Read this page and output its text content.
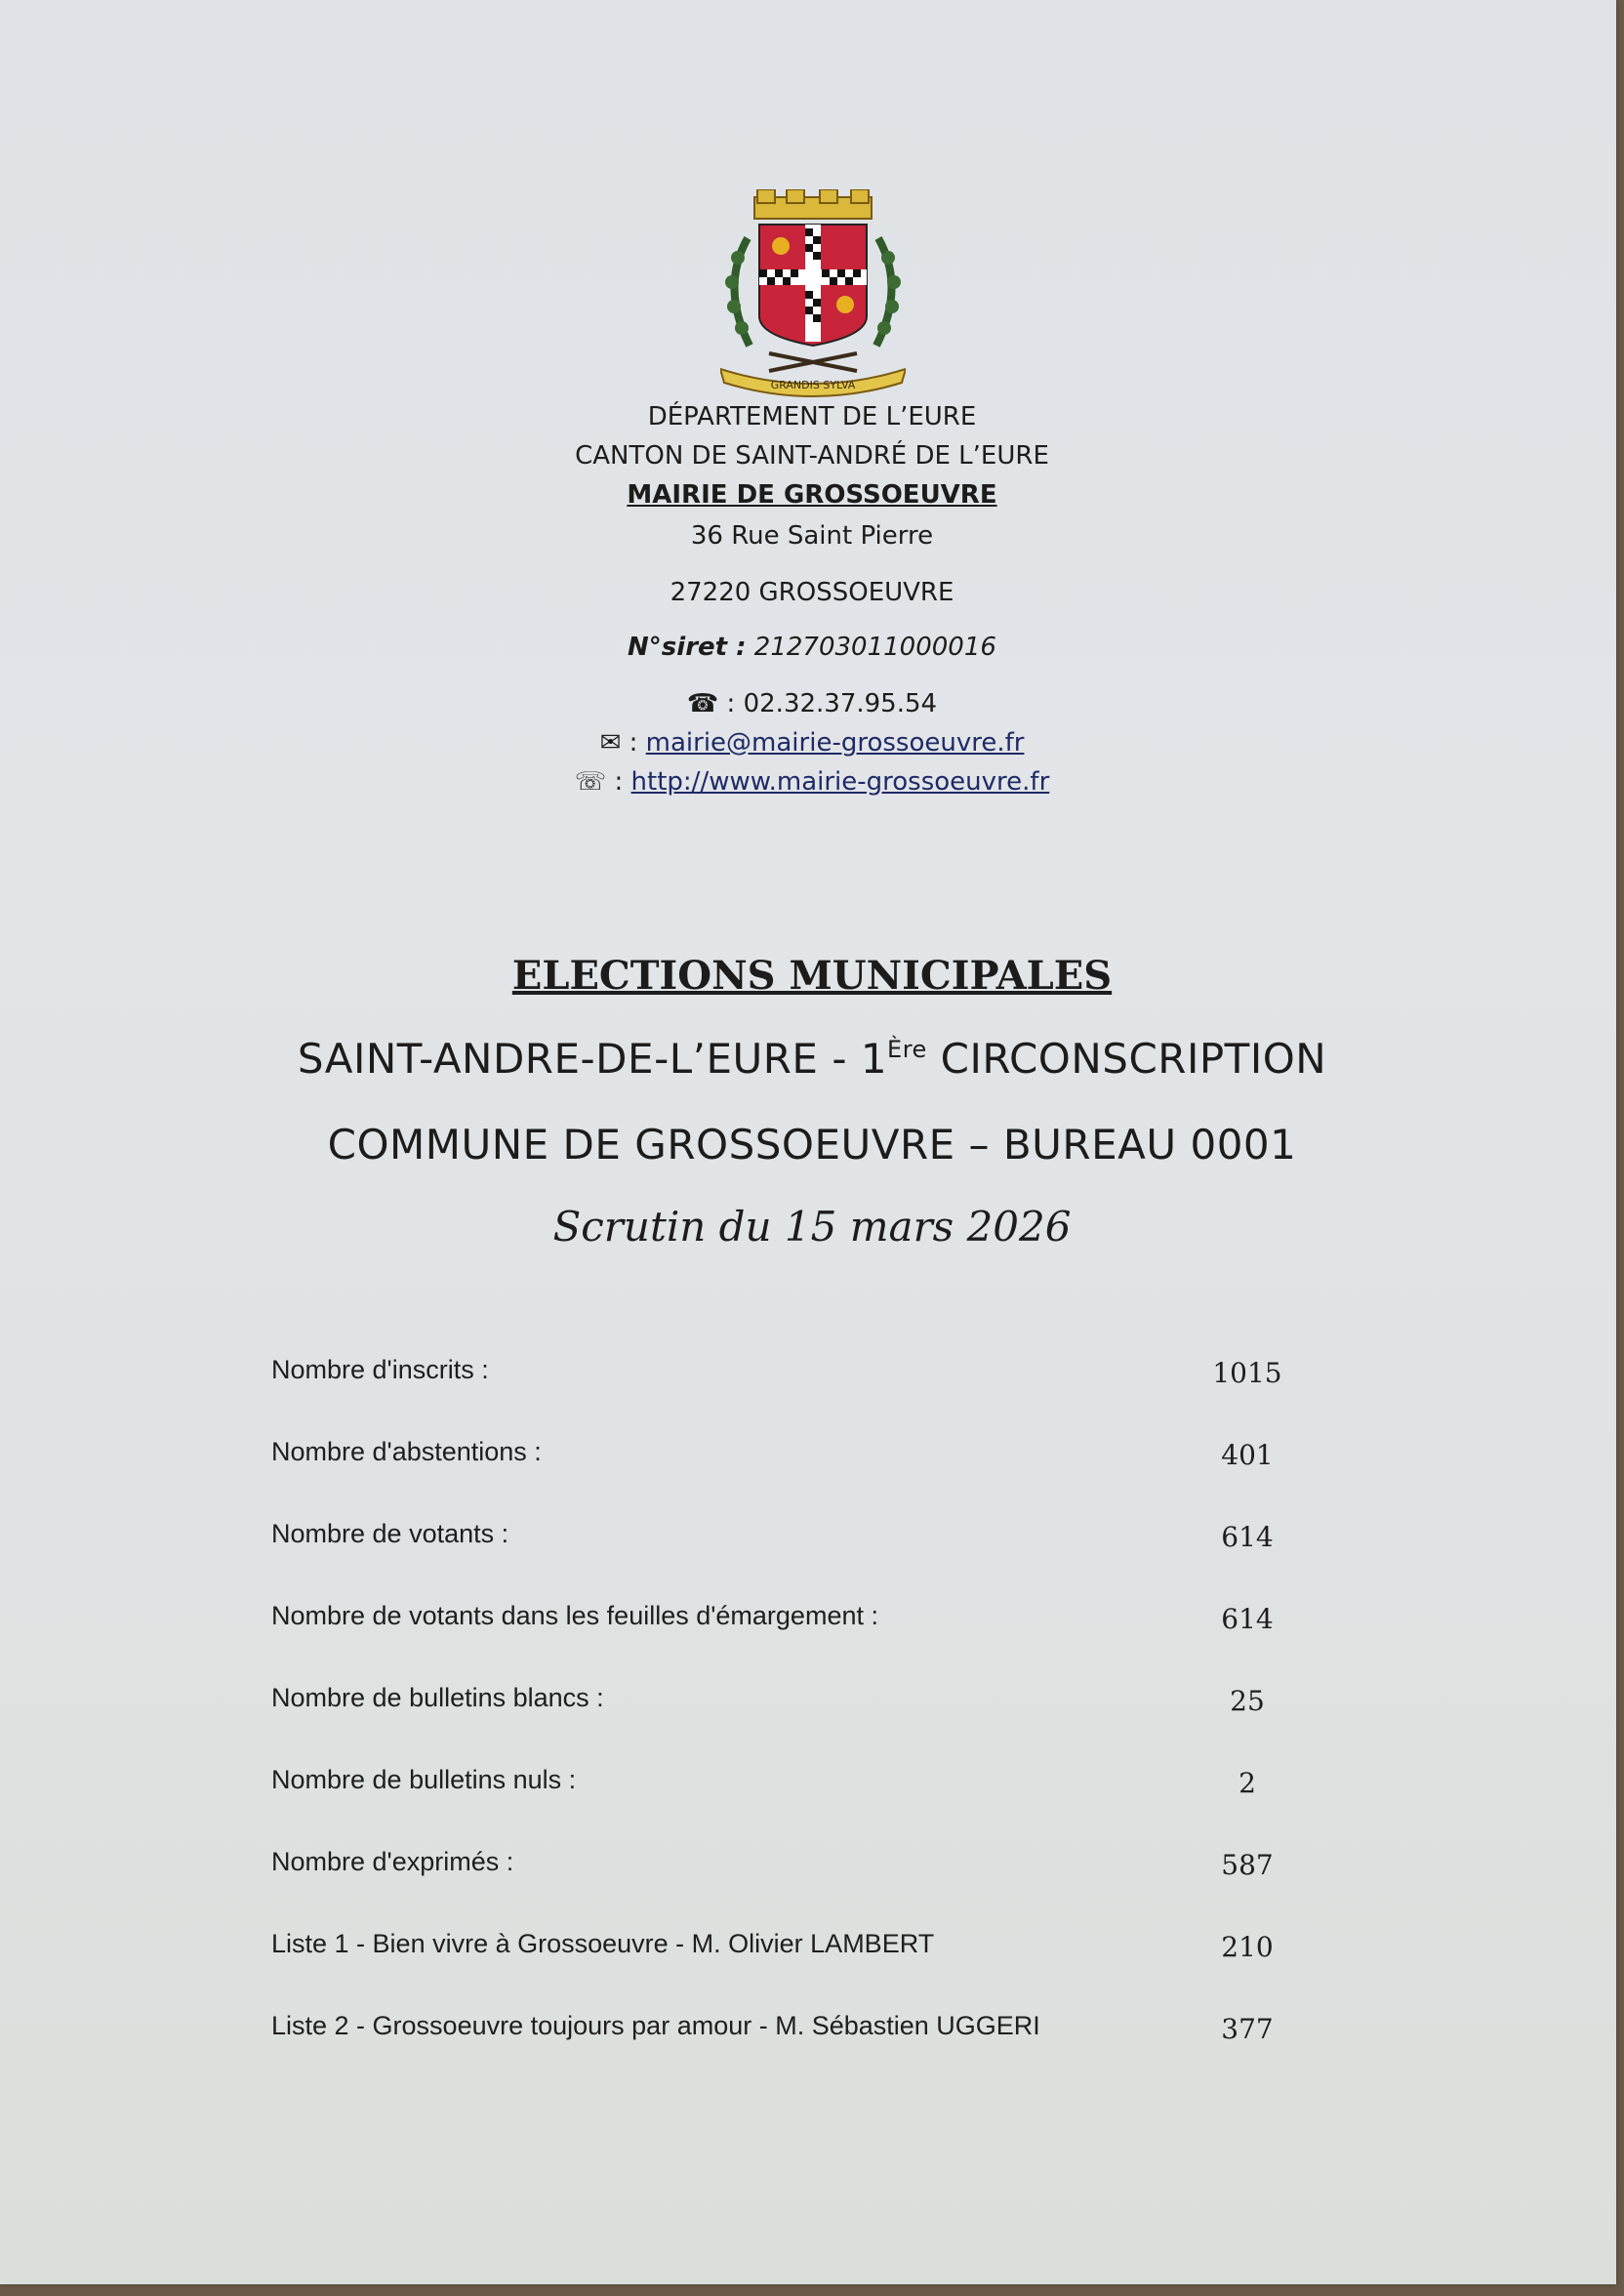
GRANDIS SYLVA
DÉPARTEMENT DE L’EURE
CANTON DE SAINT-ANDRÉ DE L’EURE
MAIRIE DE GROSSOEUVRE
36 Rue Saint Pierre
27220 GROSSOEUVRE
N°siret : 212703011000016
☎ : 02.32.37.95.54
✉ : mairie@mairie-grossoeuvre.fr
☏ : http://www.mairie-grossoeuvre.fr
ELECTIONS MUNICIPALES
SAINT-ANDRE-DE-L’EURE - 1Ère CIRCONSCRIPTION
COMMUNE DE GROSSOEUVRE – BUREAU 0001
Scrutin du 15 mars 2026
Nombre d'inscrits :	1015
Nombre d'abstentions :	401
Nombre de votants :	614
Nombre de votants dans les feuilles d'émargement :	614
Nombre de bulletins blancs :	25
Nombre de bulletins nuls :	2
Nombre d'exprimés :	587
Liste 1 - Bien vivre à Grossoeuvre - M. Olivier LAMBERT	210
Liste 2 - Grossoeuvre toujours par amour - M. Sébastien UGGERI	377
